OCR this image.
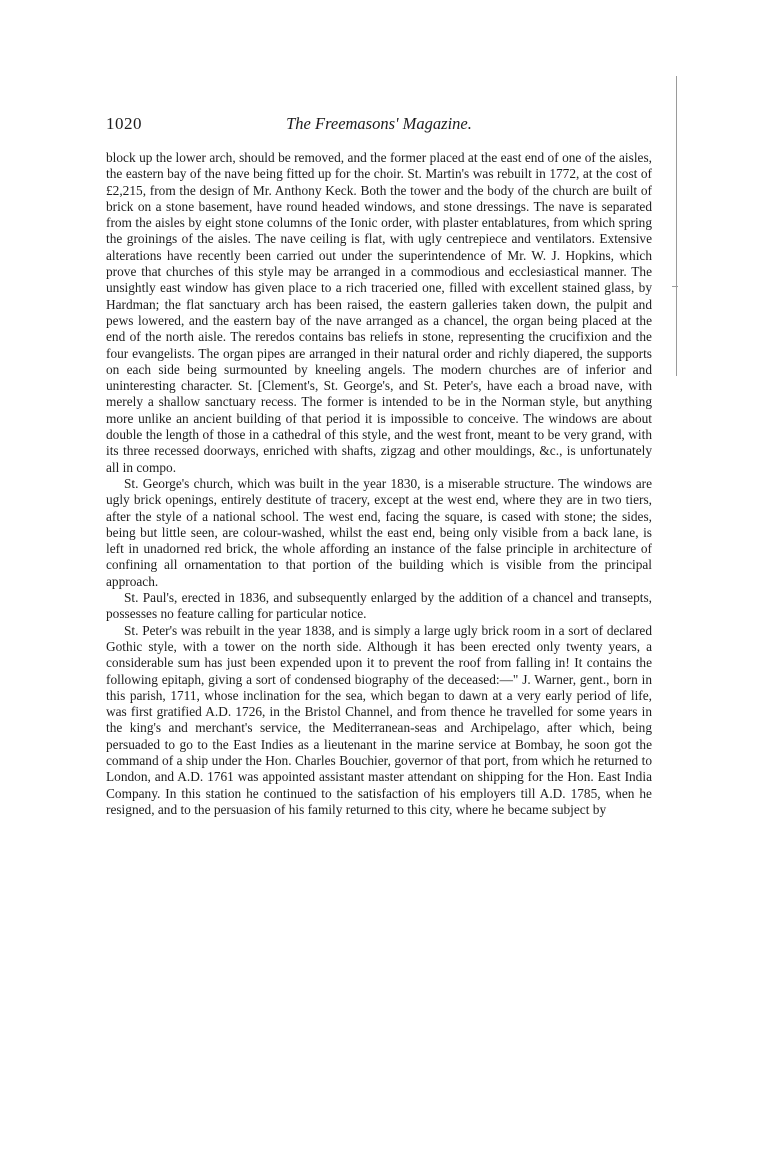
1020	The Freemasons' Magazine.

block up the lower arch, should be removed, and the former placed at the east end of one of the aisles, the eastern bay of the nave being fitted up for the choir. St. Martin's was rebuilt in 1772, at the cost of £2,215, from the design of Mr. Anthony Keck. Both the tower and the body of the church are built of brick on a stone basement, have round headed windows, and stone dressings. The nave is separated from the aisles by eight stone columns of the Ionic order, with plaster entablatures, from which spring the groinings of the aisles. The nave ceiling is flat, with ugly centrepiece and ventilators. Extensive alterations have recently been carried out under the superintendence of Mr. W. J. Hopkins, which prove that churches of this style may be arranged in a commodious and ecclesiastical manner. The unsightly east window has given place to a rich traceried one, filled with excellent stained glass, by Hardman; the flat sanctuary arch has been raised, the eastern galleries taken down, the pulpit and pews lowered, and the eastern bay of the nave arranged as a chancel, the organ being placed at the end of the north aisle. The reredos contains bas reliefs in stone, representing the crucifixion and the four evangelists. The organ pipes are arranged in their natural order and richly diapered, the supports on each side being surmounted by kneeling angels. The modern churches are of inferior and uninteresting character. St. [Clement's, St. George's, and St. Peter's, have each a broad nave, with merely a shallow sanctuary recess. The former is intended to be in the Norman style, but anything more unlike an ancient building of that period it is impossible to conceive. The windows are about double the length of those in a cathedral of this style, and the west front, meant to be very grand, with its three recessed doorways, enriched with shafts, zigzag and other mouldings, &c., is unfortunately all in compo.

St. George's church, which was built in the year 1830, is a miserable structure. The windows are ugly brick openings, entirely destitute of tracery, except at the west end, where they are in two tiers, after the style of a national school. The west end, facing the square, is cased with stone; the sides, being but little seen, are colour-washed, whilst the east end, being only visible from a back lane, is left in unadorned red brick, the whole affording an instance of the false principle in architecture of confining all ornamentation to that portion of the building which is visible from the principal approach.

St. Paul's, erected in 1836, and subsequently enlarged by the addition of a chancel and transepts, possesses no feature calling for particular notice.

St. Peter's was rebuilt in the year 1838, and is simply a large ugly brick room in a sort of declared Gothic style, with a tower on the north side. Although it has been erected only twenty years, a considerable sum has just been expended upon it to prevent the roof from falling in! It contains the following epitaph, giving a sort of condensed biography of the deceased:—" J. Warner, gent., born in this parish, 1711, whose inclination for the sea, which began to dawn at a very early period of life, was first gratified A.D. 1726, in the Bristol Channel, and from thence he travelled for some years in the king's and merchant's service, the Mediterranean-seas and Archipelago, after which, being persuaded to go to the East Indies as a lieutenant in the marine service at Bombay, he soon got the command of a ship under the Hon. Charles Bouchier, governor of that port, from which he returned to London, and A.D. 1761 was appointed assistant master attendant on shipping for the Hon. East India Company. In this station he continued to the satisfaction of his employers till A.D. 1785, when he resigned, and to the persuasion of his family returned to this city, where he became subject by
